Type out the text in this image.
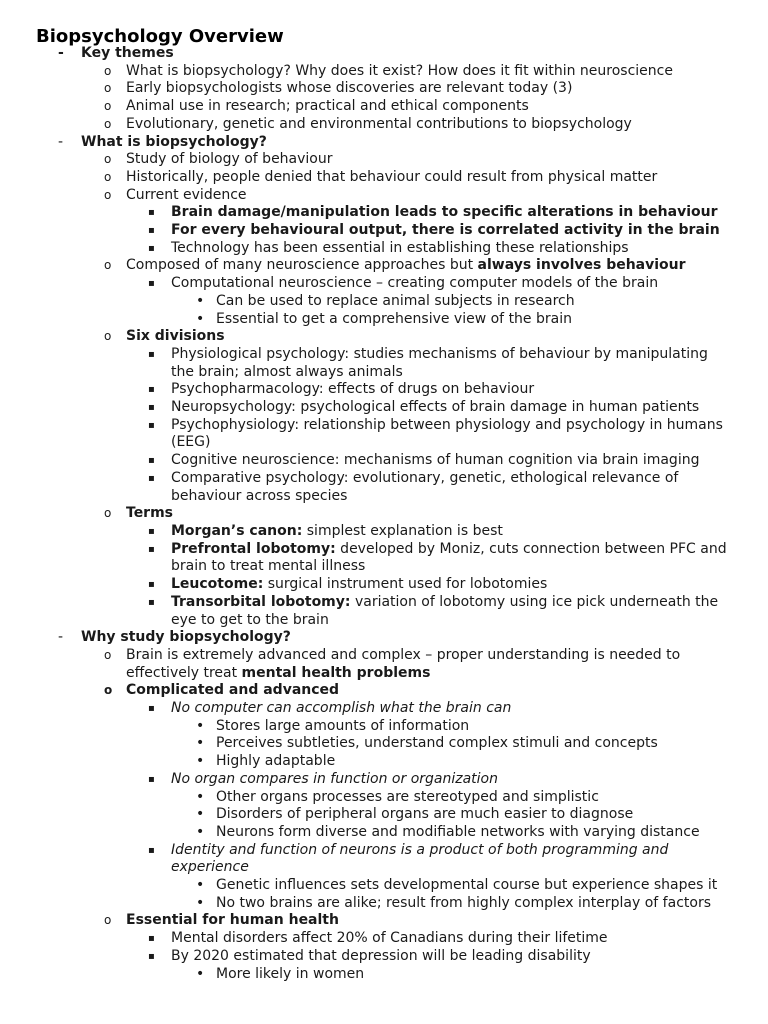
Biopsychology Overview
- Key themes
o What is biopsychology? Why does it exist? How does it fit within neuroscience
o Early biopsychologists whose discoveries are relevant today (3)
o Animal use in research; practical and ethical components
o Evolutionary, genetic and environmental contributions to biopsychology
- What is biopsychology?
o Study of biology of behaviour
o Historically, people denied that behaviour could result from physical matter
o Current evidence
▪ Brain damage/manipulation leads to specific alterations in behaviour
▪ For every behavioural output, there is correlated activity in the brain
▪ Technology has been essential in establishing these relationships
o Composed of many neuroscience approaches but always involves behaviour
▪ Computational neuroscience – creating computer models of the brain
• Can be used to replace animal subjects in research
• Essential to get a comprehensive view of the brain
o Six divisions
▪ Physiological psychology: studies mechanisms of behaviour by manipulating the brain; almost always animals
▪ Psychopharmacology: effects of drugs on behaviour
▪ Neuropsychology: psychological effects of brain damage in human patients
▪ Psychophysiology: relationship between physiology and psychology in humans (EEG)
▪ Cognitive neuroscience: mechanisms of human cognition via brain imaging
▪ Comparative psychology: evolutionary, genetic, ethological relevance of behaviour across species
o Terms
▪ Morgan’s canon: simplest explanation is best
▪ Prefrontal lobotomy: developed by Moniz, cuts connection between PFC and brain to treat mental illness
▪ Leucotome: surgical instrument used for lobotomies
▪ Transorbital lobotomy: variation of lobotomy using ice pick underneath the eye to get to the brain
- Why study biopsychology?
o Brain is extremely advanced and complex – proper understanding is needed to effectively treat mental health problems
o Complicated and advanced
▪ No computer can accomplish what the brain can
• Stores large amounts of information
• Perceives subtleties, understand complex stimuli and concepts
• Highly adaptable
▪ No organ compares in function or organization
• Other organs processes are stereotyped and simplistic
• Disorders of peripheral organs are much easier to diagnose
• Neurons form diverse and modifiable networks with varying distance
▪ Identity and function of neurons is a product of both programming and experience
• Genetic influences sets developmental course but experience shapes it
• No two brains are alike; result from highly complex interplay of factors
o Essential for human health
▪ Mental disorders affect 20% of Canadians during their lifetime
▪ By 2020 estimated that depression will be leading disability
• More likely in women
